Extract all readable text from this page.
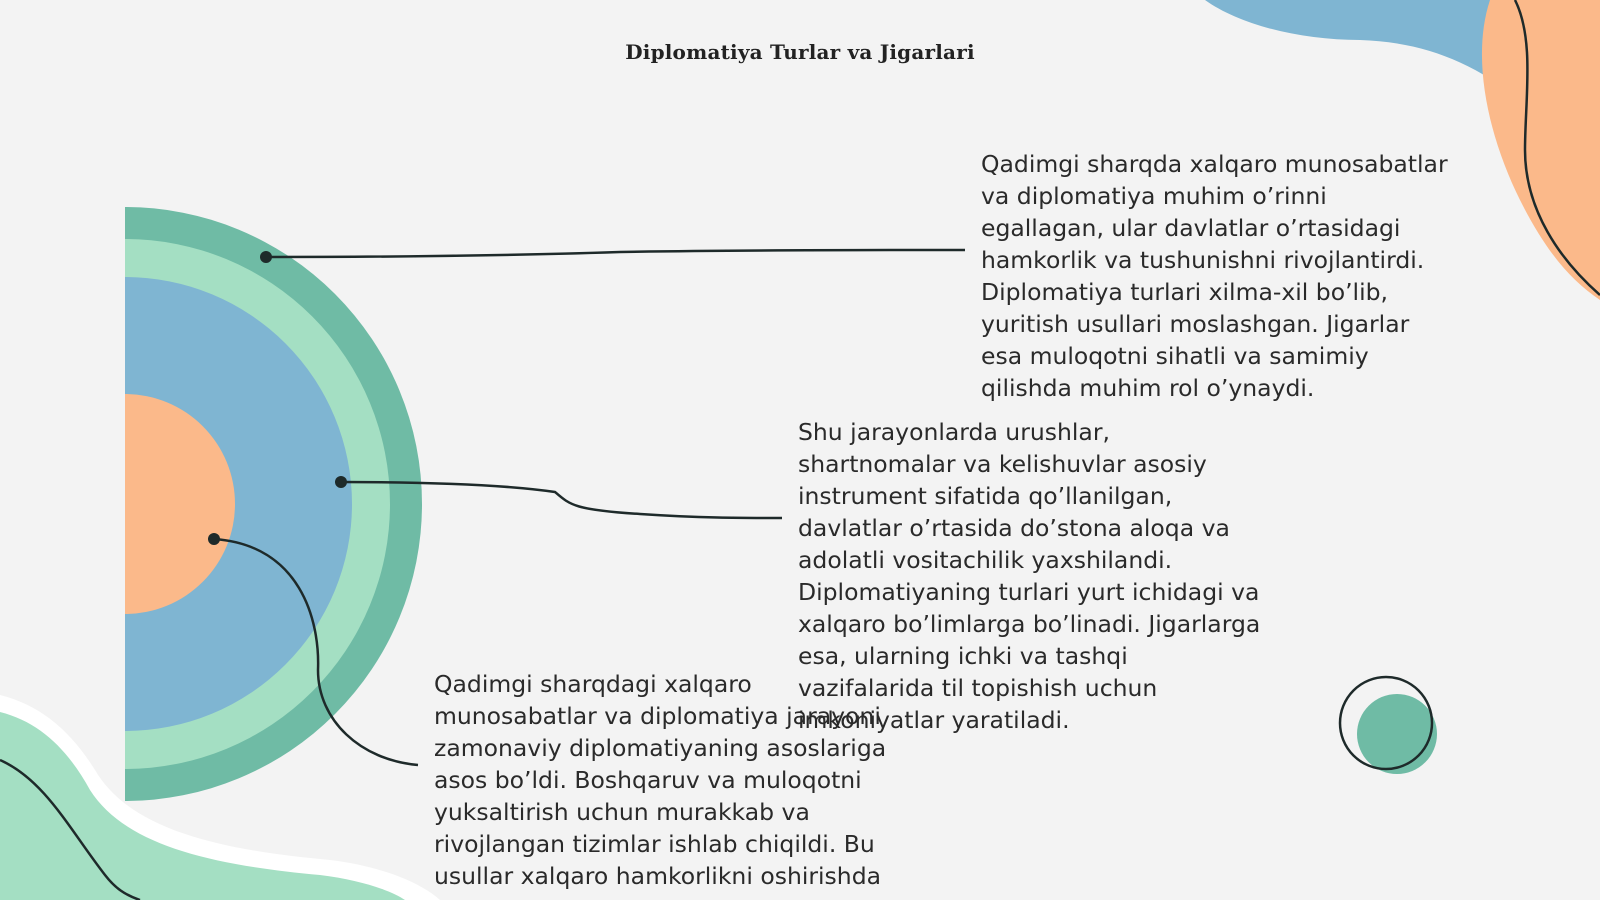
Diplomatiya Turlar va Jigarlari

Qadimgi sharqda xalqaro munosabatlar va diplomatiya muhim o’rinni egallagan, ular davlatlar o’rtasidagi hamkorlik va tushunishni rivojlantirdi. Diplomatiya turlari xilma-xil bo’lib, yuritish usullari moslashgan. Jigarlar esa muloqotni sihatli va samimiy qilishda muhim rol o’ynaydi.

Shu jarayonlarda urushlar, shartnomalar va kelishuvlar asosiy instrument sifatida qo’llanilgan, davlatlar o’rtasida do’stona aloqa va adolatli vositachilik yaxshilandi. Diplomatiyaning turlari yurt ichidagi va xalqaro bo’limlarga bo’linadi. Jigarlarga esa, ularning ichki va tashqi vazifalarida til topishish uchun imkoniyatlar yaratiladi.

Qadimgi sharqdagi xalqaro munosabatlar va diplomatiya jarayoni zamonaviy diplomatiyaning asoslariga asos bo’ldi. Boshqaruv va muloqotni yuksaltirish uchun murakkab va rivojlangan tizimlar ishlab chiqildi. Bu usullar xalqaro hamkorlikni oshirishda
